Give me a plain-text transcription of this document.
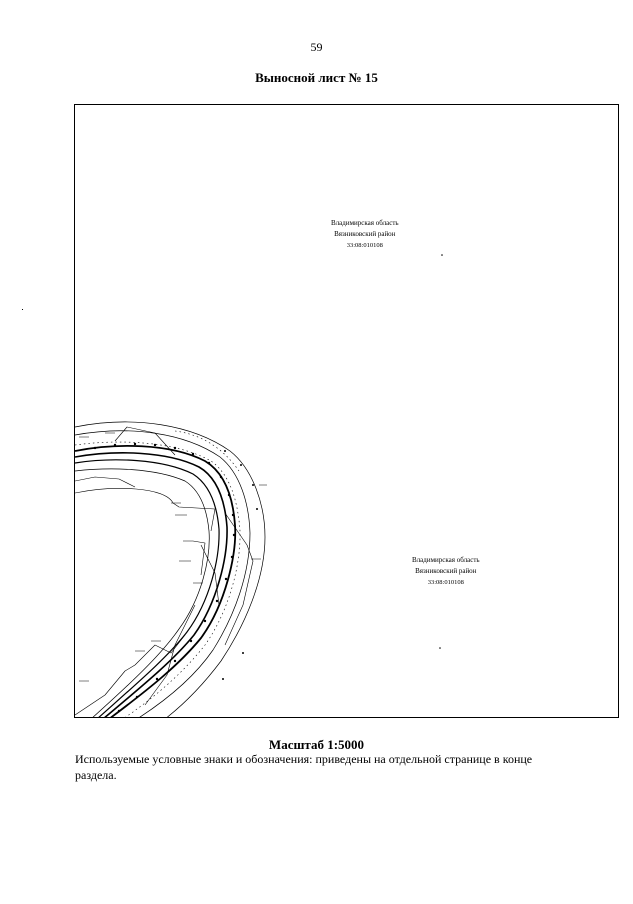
59
Выносной лист № 15
Владимирская область
Вязниковский район
33:08:010108
Владимирская область
Вязниковский район
33:08:010108
Масштаб 1:5000
Используемые условные знаки и обозначения: приведены на отдельной странице в конце раздела.
